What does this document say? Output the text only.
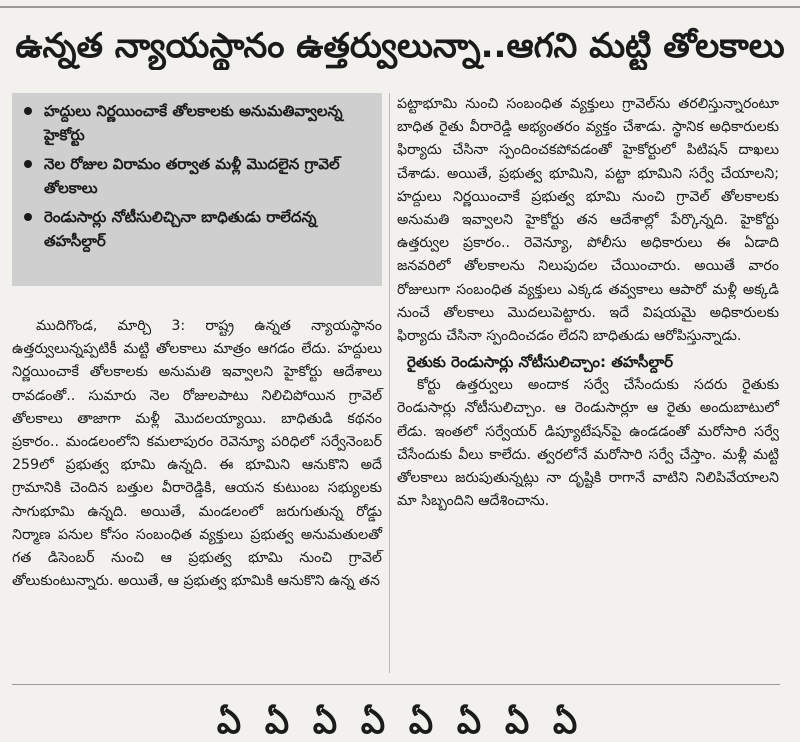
ఉన్నత న్యాయస్థానం ఉత్తర్వులున్నా..ఆగని మట్టి తోలకాలు
హద్దులు నిర్ణయించాకే తోలకాలకు అనుమతివ్వాలన్న హైకోర్టు
నెల రోజుల విరామం తర్వాత మళ్లీ మొదలైన గ్రావెల్ తోలకాలు
రెండుసార్లు నోటీసులిచ్చినా బాధితుడు రాలేదన్న తహసీల్దార్
ముదిగొండ, మార్చి 3: రాష్ట్ర ఉన్నత న్యాయస్థానం ఉత్తర్వులున్నప్పటికీ మట్టి తోలకాలు మాత్రం ఆగడం లేదు. హద్దులు నిర్ణయించాకే తోలకాలకు అనుమతి ఇవ్వాలని హైకోర్టు ఆదేశాలు రావడంతో.. సుమారు నెల రోజులపాటు నిలిచిపోయిన గ్రావెల్ తోలకాలు తాజాగా మళ్లీ మొదలయ్యాయి. బాధితుడి కథనం ప్రకారం.. మండలంలోని కమలాపురం రెవెన్యూ పరిధిలో సర్వేనెంబర్ 259లో ప్రభుత్వ భూమి ఉన్నది. ఈ భూమిని ఆనుకొని అదే గ్రామానికి చెందిన బత్తుల వీరారెడ్డికి, ఆయన కుటుంబ సభ్యులకు సాగుభూమి ఉన్నది. అయితే, మండలంలో జరుగుతున్న రోడ్డు నిర్మాణ పనుల కోసం సంబంధిత వ్యక్తులు ప్రభుత్వ అనుమతులతో గత డిసెంబర్ నుంచి ఆ ప్రభుత్వ భూమి నుంచి గ్రావెల్ తోలుకుంటున్నారు. అయితే, ఆ ప్రభుత్వ భూమికి ఆనుకొని ఉన్న తన
పట్టాభూమి నుంచి సంబంధిత వ్యక్తులు గ్రావెల్‌ను తరలిస్తున్నారంటూ బాధిత రైతు వీరారెడ్డి అభ్యంతరం వ్యక్తం చేశాడు. స్థానిక అధికారులకు ఫిర్యాదు చేసినా స్పందించకపోవడంతో హైకోర్టులో పిటిషన్ దాఖలు చేశాడు. అయితే, ప్రభుత్వ భూమిని, పట్టా భూమిని సర్వే చేయాలని; హద్దులు నిర్ణయించాకే ప్రభుత్వ భూమి నుంచి గ్రావెల్ తోలకాలకు అనుమతి ఇవ్వాలని హైకోర్టు తన ఆదేశాల్లో పేర్కొన్నది. హైకోర్టు ఉత్తర్వుల ప్రకారం.. రెవెన్యూ, పోలీసు అధికారులు ఈ ఏడాది జనవరిలో తోలకాలను నిలుపుదల చేయించారు. అయితే వారం రోజులుగా సంబంధిత వ్యక్తులు ఎక్కడ తవ్వకాలు ఆపారో మళ్లీ అక్కడి నుంచే తోలకాలు మొదలుపెట్టారు. ఇదే విషయమై అధికారులకు ఫిర్యాదు చేసినా స్పందించడం లేదని బాధితుడు ఆరోపిస్తున్నాడు.
రైతుకు రెండుసార్లు నోటీసులిచ్చాం: తహసీల్దార్
కోర్టు ఉత్తర్వులు అందాక సర్వే చేసేందుకు సదరు రైతుకు రెండుసార్లు నోటీసులిచ్చాం. ఆ రెండుసార్లూ ఆ రైతు అందుబాటులో లేడు. ఇంతలో సర్వేయర్ డిప్యూటేషన్‌పై ఉండడంతో మరోసారి సర్వే చేసేందుకు వీలు కాలేదు. త్వరలోనే మరోసారి సర్వే చేస్తాం. మళ్లీ మట్టి తోలకాలు జరుపుతున్నట్లు నా దృష్టికి రాగానే వాటిని నిలిపివేయాలని మా సిబ్బందిని ఆదేశించాను.
ఏ ఏ ఏ ఏ ఏ ఏ ఏ ఏ
